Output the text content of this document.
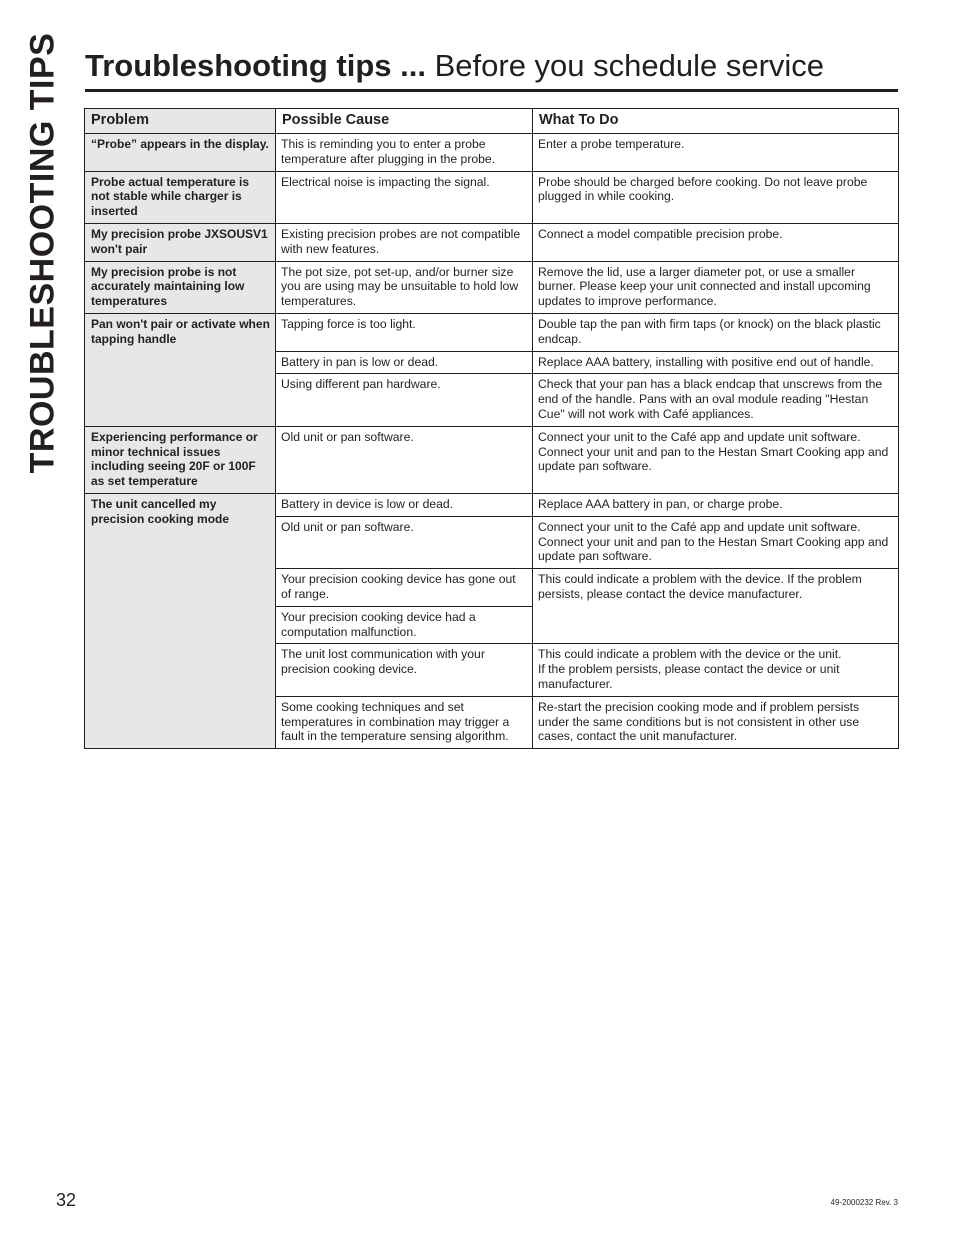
TROUBLESHOOTING TIPS Troubleshooting tips ... Before you schedule service
Problem	Possible Cause	What To Do
“Probe” appears in the display.	This is reminding you to enter a probe temperature after plugging in the probe.	Enter a probe temperature.
Probe actual temperature is not stable while charger is inserted	Electrical noise is impacting the signal.	Probe should be charged before cooking. Do not leave probe plugged in while cooking.
My precision probe JXSOUSV1 won't pair	Existing precision probes are not compatible with new features.	Connect a model compatible precision probe.
My precision probe is not accurately maintaining low temperatures	The pot size, pot set-up, and/or burner size you are using may be unsuitable to hold low temperatures.	Remove the lid, use a larger diameter pot, or use a smaller burner. Please keep your unit connected and install upcoming updates to improve performance.
Pan won't pair or activate when tapping handle	Tapping force is too light.	Double tap the pan with firm taps (or knock) on the black plastic endcap.
	Battery in pan is low or dead.	Replace AAA battery, installing with positive end out of handle.
	Using different pan hardware.	Check that your pan has a black endcap that unscrews from the end of the handle. Pans with an oval module reading "Hestan Cue" will not work with Café appliances.
Experiencing performance or minor technical issues including seeing 20F or 100F as set temperature	Old unit or pan software.	Connect your unit to the Café app and update unit software. Connect your unit and pan to the Hestan Smart Cooking app and update pan software.
The unit cancelled my precision cooking mode	Battery in device is low or dead.	Replace AAA battery in pan, or charge probe.
	Old unit or pan software.	Connect your unit to the Café app and update unit software. Connect your unit and pan to the Hestan Smart Cooking app and update pan software.
	Your precision cooking device has gone out of range.	This could indicate a problem with the device. If the problem persists, please contact the device manufacturer.
	Your precision cooking device had a computation malfunction.	
	The unit lost communication with your precision cooking device.	This could indicate a problem with the device or the unit.
If the problem persists, please contact the device or unit manufacturer.
	Some cooking techniques and set temperatures in combination may trigger a fault in the temperature sensing algorithm.	Re-start the precision cooking mode and if problem persists under the same conditions but is not consistent in other use cases, contact the unit manufacturer.
32	49-2000232 Rev. 3
